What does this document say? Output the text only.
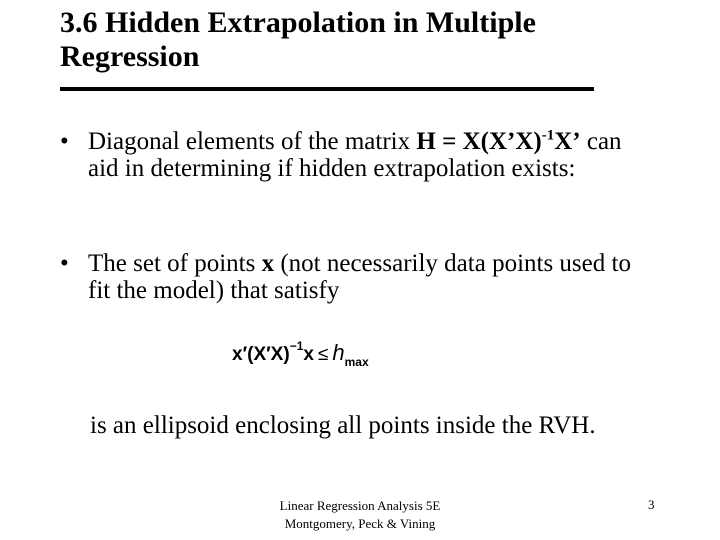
3.6 Hidden Extrapolation in Multiple
Regression
• Diagonal elements of the matrix H = X(X’X)$^{-1}$X’ can aid in determining if hidden extrapolation exists:
• The set of points x (not necessarily data points used to fit the model) that satisfy
$x'(X'X)^{-1}x \le h_{max}$
is an ellipsoid enclosing all points inside the RVH.
Linear Regression Analysis 5E
Montgomery, Peck & Vining
3
